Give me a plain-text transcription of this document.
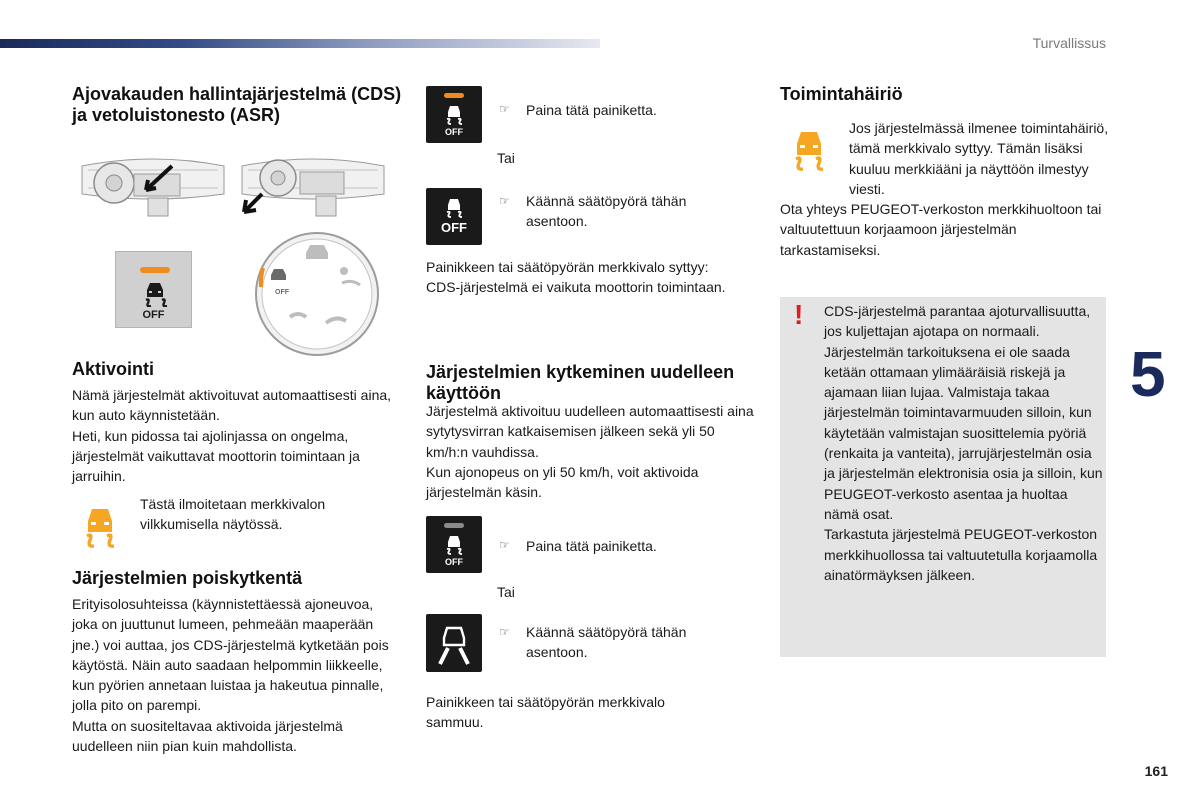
Turvallissus
5
161
Ajovakauden hallintajärjestelmä (CDS) ja vetoluistonesto (ASR)
OFF
OFF
Aktivointi
Nämä järjestelmät aktivoituvat automaattisesti aina, kun auto käynnistetään.
Heti, kun pidossa tai ajolinjassa on ongelma, järjestelmät vaikuttavat moottorin toimintaan ja jarruihin.
Tästä ilmoitetaan merkkivalon vilkkumisella näytössä.
Järjestelmien poiskytkentä
Erityisolosuhteissa (käynnistettäessä ajoneuvoa, joka on juuttunut lumeen, pehmeään maaperään jne.) voi auttaa, jos CDS-järjestelmä kytketään pois käytöstä. Näin auto saadaan helpommin liikkeelle, kun pyörien annetaan luistaa ja hakeutua pinnalle, jolla pito on parempi.
Mutta on suositeltavaa aktivoida järjestelmä uudelleen niin pian kuin mahdollista.
OFF
☞ Paina tätä painiketta.
Tai
OFF
☞ Käännä säätöpyörä tähän asentoon.
Painikkeen tai säätöpyörän merkkivalo syttyy: CDS-järjestelmä ei vaikuta moottorin toimintaan.
Järjestelmien kytkeminen uudelleen käyttöön
Järjestelmä aktivoituu uudelleen automaattisesti aina sytytysvirran katkaisemisen jälkeen sekä yli 50 km/h:n vauhdissa.
Kun ajonopeus on yli 50 km/h, voit aktivoida järjestelmän käsin.
OFF
☞ Paina tätä painiketta.
Tai
☞ Käännä säätöpyörä tähän asentoon.
Painikkeen tai säätöpyörän merkkivalo sammuu.
Toimintahäiriö
Jos järjestelmässä ilmenee toimintahäiriö, tämä merkkivalo syttyy. Tämän lisäksi kuuluu merkkiääni ja näyttöön ilmestyy viesti.
Ota yhteys PEUGEOT-verkoston merkkihuoltoon tai valtuutettuun korjaamoon järjestelmän tarkastamiseksi.
! CDS-järjestelmä parantaa ajoturvallisuutta, jos kuljettajan ajotapa on normaali. Järjestelmän tarkoituksena ei ole saada ketään ottamaan ylimääräisiä riskejä ja ajamaan liian lujaa. Valmistaja takaa järjestelmän toimintavarmuuden silloin, kun käytetään valmistajan suosittelemia pyöriä (renkaita ja vanteita), jarrujärjestelmän osia ja järjestelmän elektronisia osia ja silloin, kun PEUGEOT-verkosto asentaa ja huoltaa nämä osat.
Tarkastuta järjestelmä PEUGEOT-verkoston merkkihuollossa tai valtuutetulla korjaamolla ainatörmäyksen jälkeen.
